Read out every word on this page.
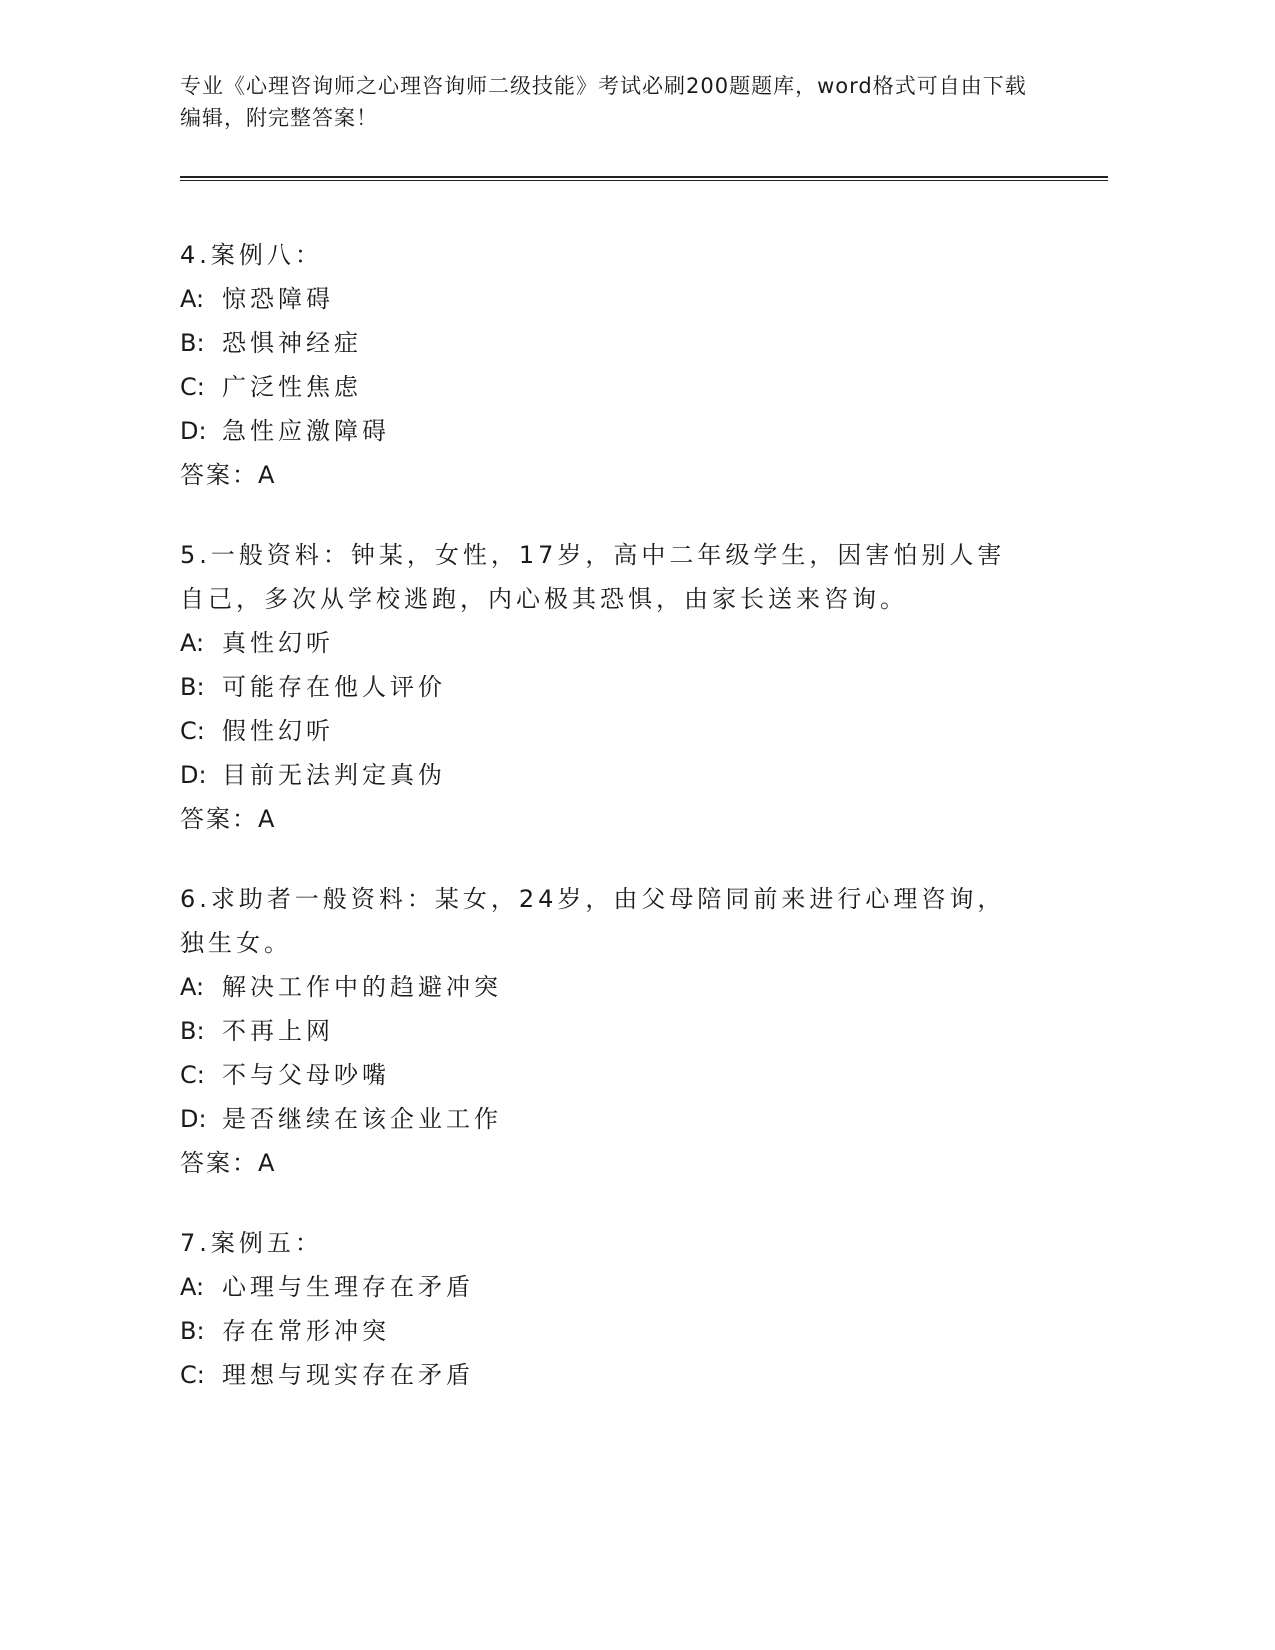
专业《心理咨询师之心理咨询师二级技能》考试必刷200题题库，word格式可自由下载编辑，附完整答案！
4.案例八：
A: 惊恐障碍
B: 恐惧神经症
C: 广泛性焦虑
D: 急性应激障碍
答案：A
5.一般资料：钟某，女性，17岁，高中二年级学生，因害怕别人害自己，多次从学校逃跑，内心极其恐惧，由家长送来咨询。
A: 真性幻听
B: 可能存在他人评价
C: 假性幻听
D: 目前无法判定真伪
答案：A
6.求助者一般资料：某女，24岁，由父母陪同前来进行心理咨询，独生女。
A: 解决工作中的趋避冲突
B: 不再上网
C: 不与父母吵嘴
D: 是否继续在该企业工作
答案：A
7.案例五：
A: 心理与生理存在矛盾
B: 存在常形冲突
C: 理想与现实存在矛盾
